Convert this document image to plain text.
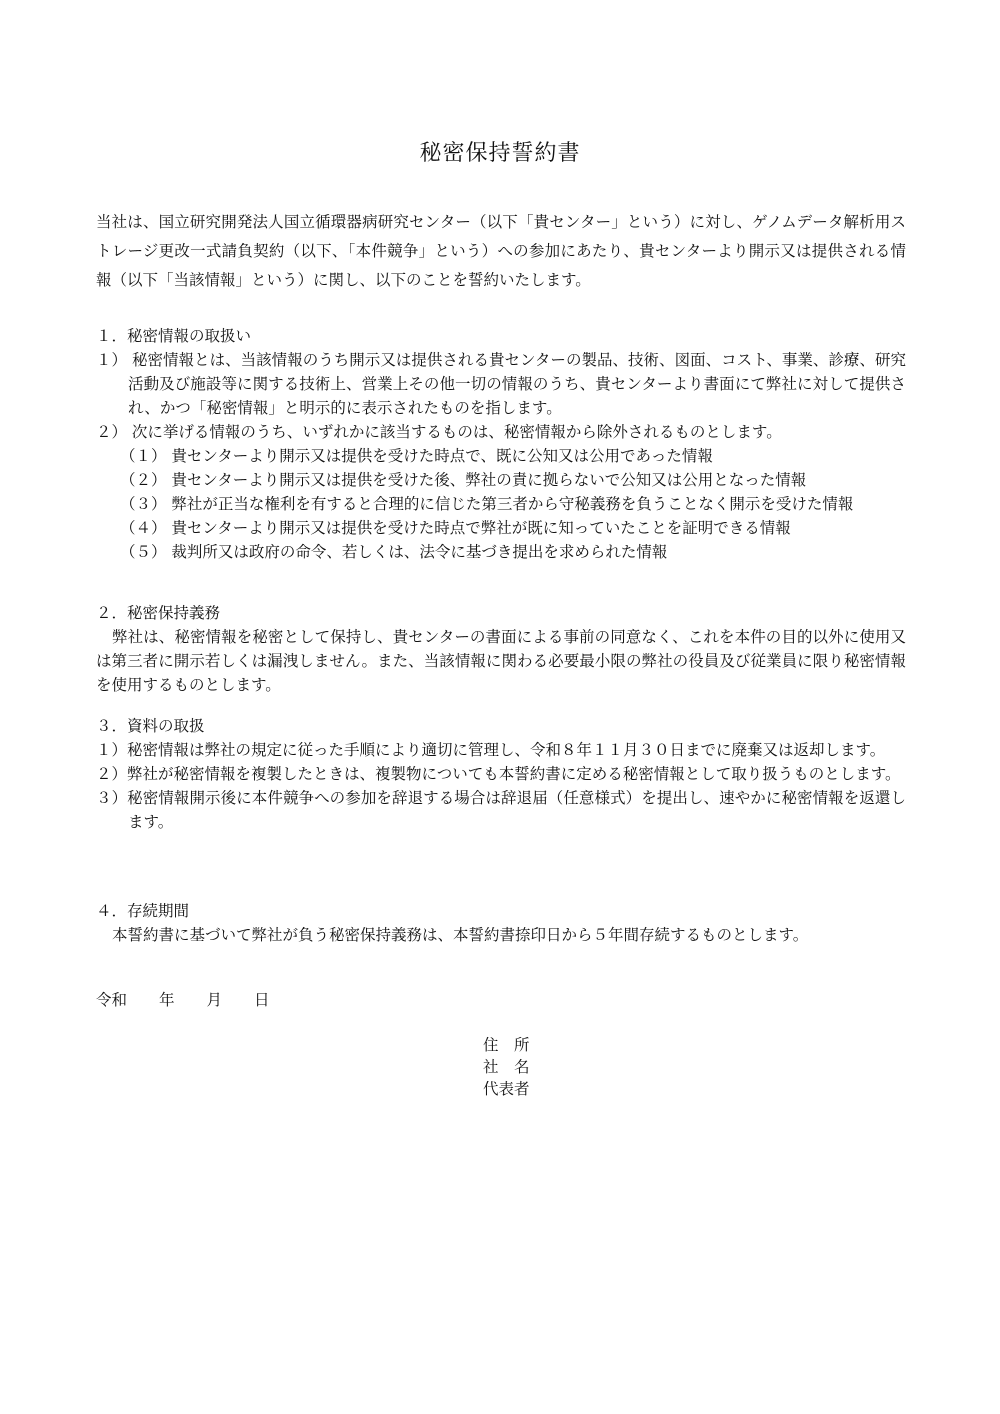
秘密保持誓約書
当社は、国立研究開発法人国立循環器病研究センター（以下「貴センター」という）に対し、ゲノムデータ解析用ストレージ更改一式請負契約（以下、「本件競争」という）への参加にあたり、貴センターより開示又は提供される情報（以下「当該情報」という）に関し、以下のことを誓約いたします。

１．秘密情報の取扱い

１） 秘密情報とは、当該情報のうち開示又は提供される貴センターの製品、技術、図面、コスト、事業、診療、研究活動及び施設等に関する技術上、営業上その他一切の情報のうち、貴センターより書面にて弊社に対して提供され、かつ「秘密情報」と明示的に表示されたものを指します。

２） 次に挙げる情報のうち、いずれかに該当するものは、秘密情報から除外されるものとします。

（１） 貴センターより開示又は提供を受けた時点で、既に公知又は公用であった情報

（２） 貴センターより開示又は提供を受けた後、弊社の責に拠らないで公知又は公用となった情報

（３） 弊社が正当な権利を有すると合理的に信じた第三者から守秘義務を負うことなく開示を受けた情報

（４） 貴センターより開示又は提供を受けた時点で弊社が既に知っていたことを証明できる情報

（５） 裁判所又は政府の命令、若しくは、法令に基づき提出を求められた情報

２．秘密保持義務

弊社は、秘密情報を秘密として保持し、貴センターの書面による事前の同意なく、これを本件の目的以外に使用又は第三者に開示若しくは漏洩しません。また、当該情報に関わる必要最小限の弊社の役員及び従業員に限り秘密情報を使用するものとします。

３．資料の取扱

１）秘密情報は弊社の規定に従った手順により適切に管理し、令和８年１１月３０日までに廃棄又は返却します。

２）弊社が秘密情報を複製したときは、複製物についても本誓約書に定める秘密情報として取り扱うものとします。

３）秘密情報開示後に本件競争への参加を辞退する場合は辞退届（任意様式）を提出し、速やかに秘密情報を返還します。

４．存続期間

本誓約書に基づいて弊社が負う秘密保持義務は、本誓約書捺印日から５年間存続するものとします。

令和 年 月 日
住　所
社　名
代表者
